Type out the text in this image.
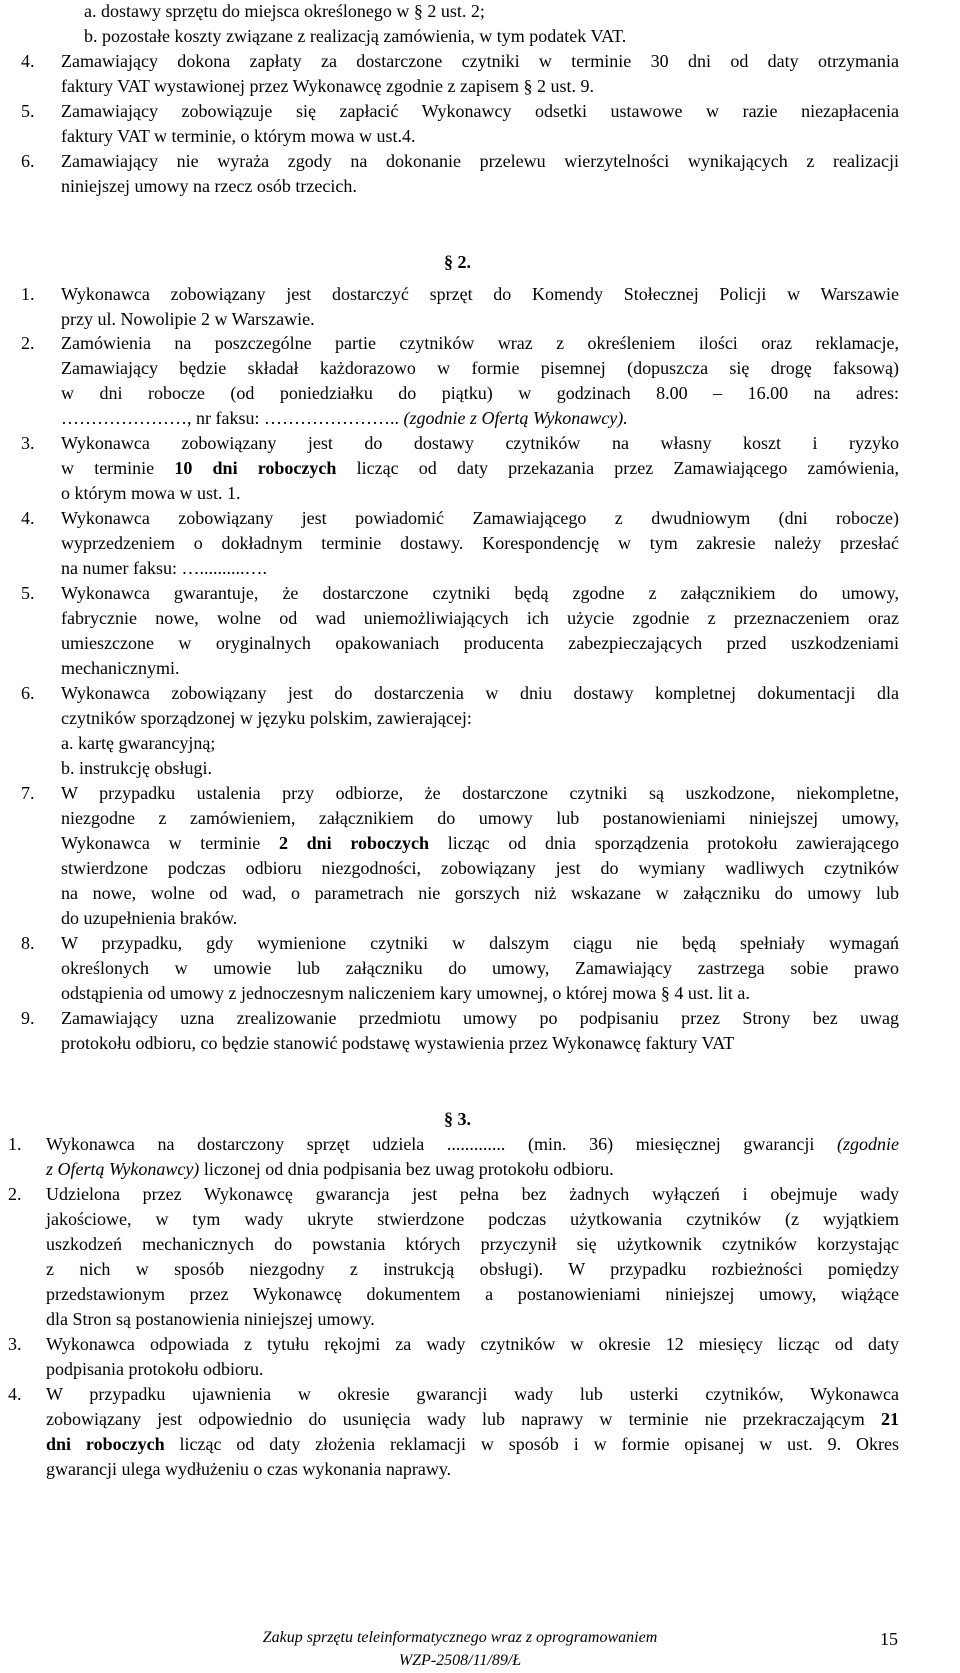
a. dostawy sprzętu do miejsca określonego w § 2 ust. 2;
b. pozostałe koszty związane z realizacją zamówienia, w tym podatek VAT.
4. Zamawiający dokona zapłaty za dostarczone czytniki w terminie 30 dni od daty otrzymania
faktury VAT wystawionej przez Wykonawcę zgodnie z zapisem § 2 ust. 9.
5. Zamawiający zobowiązuje się zapłacić Wykonawcy odsetki ustawowe w razie niezapłacenia
faktury VAT w terminie, o którym mowa w ust.4.
6. Zamawiający nie wyraża zgody na dokonanie przelewu wierzytelności wynikających z realizacji
niniejszej umowy na rzecz osób trzecich.
§ 2.
1. Wykonawca zobowiązany jest dostarczyć sprzęt do Komendy Stołecznej Policji w Warszawie
przy ul. Nowolipie 2 w Warszawie.
2. Zamówienia na poszczególne partie czytników wraz z określeniem ilości oraz reklamacje,
Zamawiający będzie składał każdorazowo w formie pisemnej (dopuszcza się drogę faksową)
w dni robocze (od poniedziałku do piątku) w godzinach 8.00 – 16.00 na adres:
…………………, nr faksu: ………………….. (zgodnie z Ofertą Wykonawcy).
3. Wykonawca zobowiązany jest do dostawy czytników na własny koszt i ryzyko
w terminie 10 dni roboczych licząc od daty przekazania przez Zamawiającego zamówienia,
o którym mowa w ust. 1.
4. Wykonawca zobowiązany jest powiadomić Zamawiającego z dwudniowym (dni robocze)
wyprzedzeniem o dokładnym terminie dostawy. Korespondencję w tym zakresie należy przesłać
na numer faksu: …..........….
5. Wykonawca gwarantuje, że dostarczone czytniki będą zgodne z załącznikiem do umowy,
fabrycznie nowe, wolne od wad uniemożliwiających ich użycie zgodnie z przeznaczeniem oraz
umieszczone w oryginalnych opakowaniach producenta zabezpieczających przed uszkodzeniami
mechanicznymi.
6. Wykonawca zobowiązany jest do dostarczenia w dniu dostawy kompletnej dokumentacji dla
czytników sporządzonej w języku polskim, zawierającej:
a. kartę gwarancyjną;
b. instrukcję obsługi.
7. W przypadku ustalenia przy odbiorze, że dostarczone czytniki są uszkodzone, niekompletne,
niezgodne z zamówieniem, załącznikiem do umowy lub postanowieniami niniejszej umowy,
Wykonawca w terminie 2 dni roboczych licząc od dnia sporządzenia protokołu zawierającego
stwierdzone podczas odbioru niezgodności, zobowiązany jest do wymiany wadliwych czytników
na nowe, wolne od wad, o parametrach nie gorszych niż wskazane w załączniku do umowy lub
do uzupełnienia braków.
8. W przypadku, gdy wymienione czytniki w dalszym ciągu nie będą spełniały wymagań
określonych w umowie lub załączniku do umowy, Zamawiający zastrzega sobie prawo
odstąpienia od umowy z jednoczesnym naliczeniem kary umownej, o której mowa § 4 ust. lit a.
9. Zamawiający uzna zrealizowanie przedmiotu umowy po podpisaniu przez Strony bez uwag
protokołu odbioru, co będzie stanowić podstawę wystawienia przez Wykonawcę faktury VAT
§ 3.
1. Wykonawca na dostarczony sprzęt udziela ............. (min. 36) miesięcznej gwarancji (zgodnie
z Ofertą Wykonawcy) liczonej od dnia podpisania bez uwag protokołu odbioru.
2. Udzielona przez Wykonawcę gwarancja jest pełna bez żadnych wyłączeń i obejmuje wady
jakościowe, w tym wady ukryte stwierdzone podczas użytkowania czytników (z wyjątkiem
uszkodzeń mechanicznych do powstania których przyczynił się użytkownik czytników korzystając
z nich w sposób niezgodny z instrukcją obsługi). W przypadku rozbieżności pomiędzy
przedstawionym przez Wykonawcę dokumentem a postanowieniami niniejszej umowy, wiążące
dla Stron są postanowienia niniejszej umowy.
3. Wykonawca odpowiada z tytułu rękojmi za wady czytników w okresie 12 miesięcy licząc od daty
podpisania protokołu odbioru.
4. W przypadku ujawnienia w okresie gwarancji wady lub usterki czytników, Wykonawca
zobowiązany jest odpowiednio do usunięcia wady lub naprawy w terminie nie przekraczającym 21
dni roboczych licząc od daty złożenia reklamacji w sposób i w formie opisanej w ust. 9. Okres
gwarancji ulega wydłużeniu o czas wykonania naprawy.
Zakup sprzętu teleinformatycznego wraz z oprogramowaniem
WZP-2508/11/89/Ł
15
